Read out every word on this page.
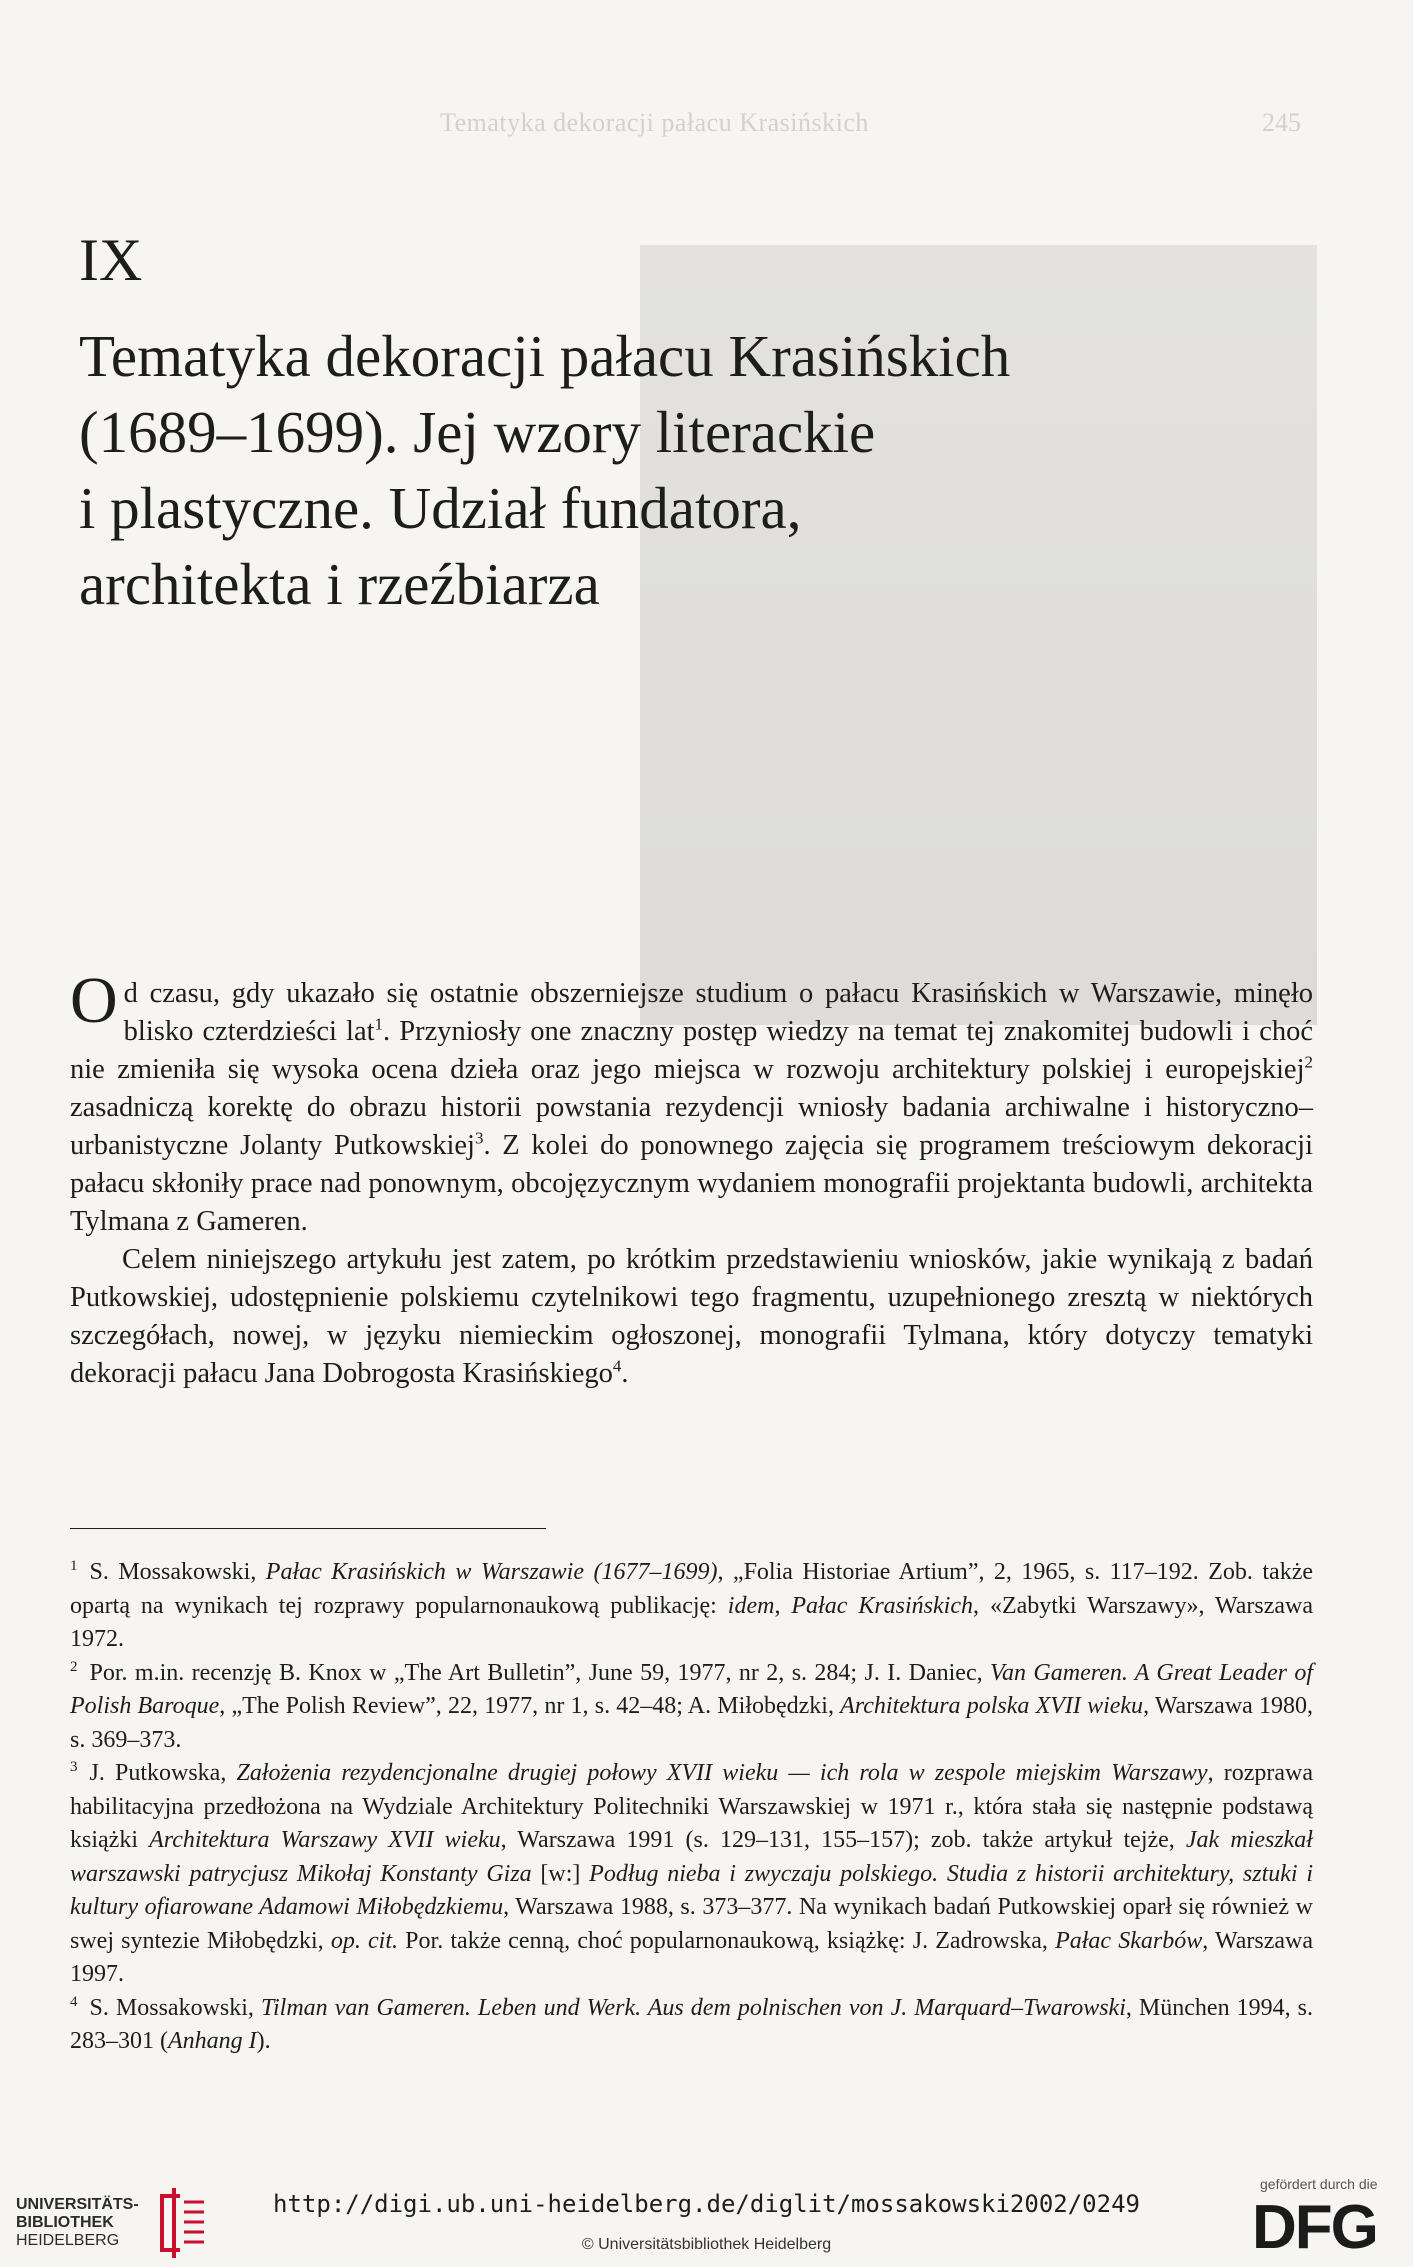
Tematyka dekoracji pałacu Krasińskich	245
IX
Tematyka dekoracji pałacu Krasińskich
(1689–1699). Jej wzory literackie
i plastyczne. Udział fundatora,
architekta i rzeźbiarza

Od czasu, gdy ukazało się ostatnie obszerniejsze studium o pałacu Krasińskich w Warszawie, minęło blisko czterdzieści lat$^1$. Przyniosły one znaczny postęp wiedzy na temat tej znakomitej budowli i choć nie zmieniła się wysoka ocena dzieła oraz jego miejsca w rozwoju architektury polskiej i europejskiej$^2$ zasadniczą korektę do obrazu historii powstania rezydencji wniosły badania archiwalne i historyczno–urbanistyczne Jolanty Putkowskiej$^3$. Z kolei do ponownego zajęcia się programem treściowym dekoracji pałacu skłoniły prace nad ponownym, obcojęzycznym wydaniem monografii projektanta budowli, architekta Tylmana z Gameren.

Celem niniejszego artykułu jest zatem, po krótkim przedstawieniu wniosków, jakie wynikają z badań Putkowskiej, udostępnienie polskiemu czytelnikowi tego fragmentu, uzupełnionego zresztą w niektórych szczegółach, nowej, w języku niemieckim ogłoszonej, monografii Tylmana, który dotyczy tematyki dekoracji pałacu Jana Dobrogosta Krasińskiego$^4$.

$^1$ S. Mossakowski, Pałac Krasińskich w Warszawie (1677–1699), „Folia Historiae Artium”, 2, 1965, s. 117–192. Zob. także opartą na wynikach tej rozprawy popularnonaukową publikację: idem, Pałac Krasińskich, «Zabytki Warszawy», Warszawa 1972.

$^2$ Por. m.in. recenzję B. Knox w „The Art Bulletin”, June 59, 1977, nr 2, s. 284; J. I. Daniec, Van Gameren. A Great Leader of Polish Baroque, „The Polish Review”, 22, 1977, nr 1, s. 42–48; A. Miłobędzki, Architektura polska XVII wieku, Warszawa 1980, s. 369–373.

$^3$ J. Putkowska, Założenia rezydencjonalne drugiej połowy XVII wieku — ich rola w zespole miejskim Warszawy, rozprawa habilitacyjna przedłożona na Wydziale Architektury Politechniki Warszawskiej w 1971 r., która stała się następnie podstawą książki Architektura Warszawy XVII wieku, Warszawa 1991 (s. 129–131, 155–157); zob. także artykuł tejże, Jak mieszkał warszawski patrycjusz Mikołaj Konstanty Giza [w:] Podług nieba i zwyczaju polskiego. Studia z historii architektury, sztuki i kultury ofiarowane Adamowi Miłobędzkiemu, Warszawa 1988, s. 373–377. Na wynikach badań Putkowskiej oparł się również w swej syntezie Miłobędzki, op. cit. Por. także cenną, choć popularnonaukową, książkę: J. Zadrowska, Pałac Skarbów, Warszawa 1997.

$^4$ S. Mossakowski, Tilman van Gameren. Leben und Werk. Aus dem polnischen von J. Marquard–Twarowski, München 1994, s. 283–301 (Anhang I).

UNIVERSITÄTS-
BIBLIOTHEK
HEIDELBERG
http://digi.ub.uni-heidelberg.de/diglit/mossakowski2002/0249
© Universitätsbibliothek Heidelberg
gefördert durch die
DFG
